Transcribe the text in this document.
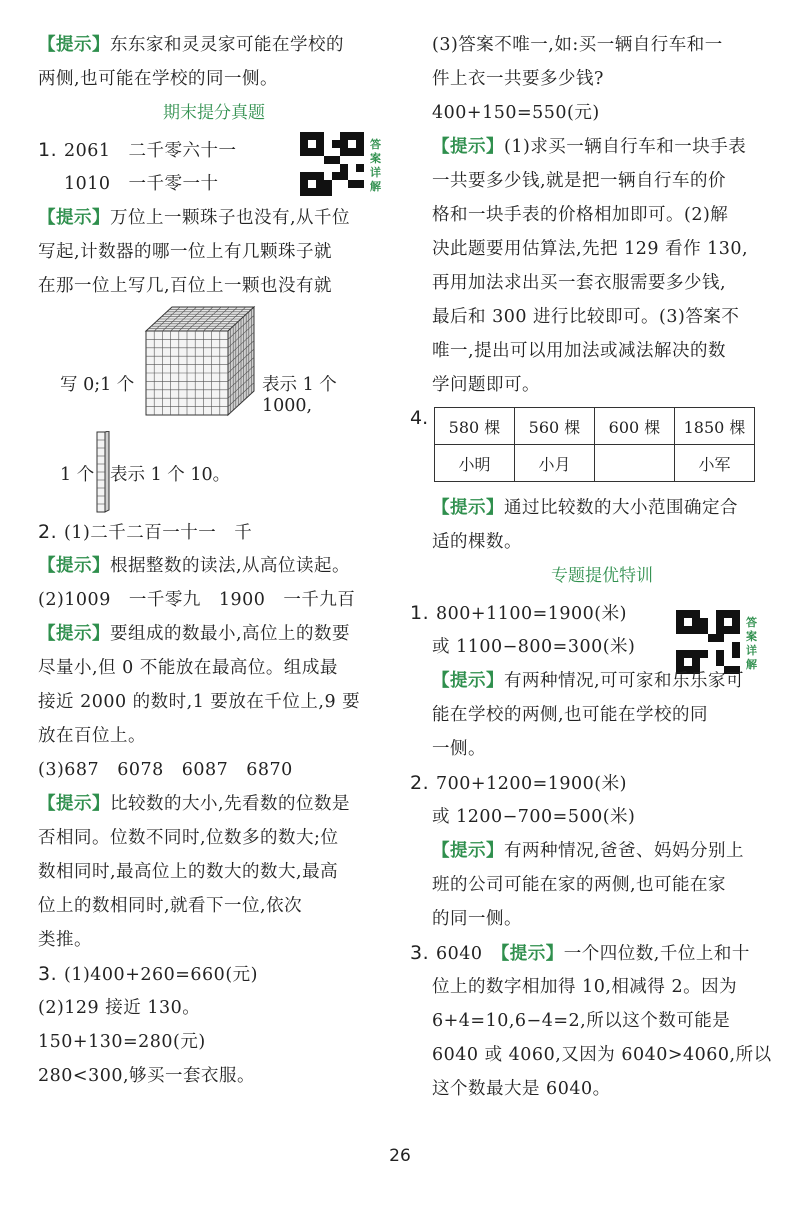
【提示】东东家和灵灵家可能在学校的
两侧,也可能在学校的同一侧。
期末提分真题
1. 2061　二千零六十一
1010　一千零一十
【提示】万位上一颗珠子也没有,从千位
写起,计数器的哪一位上有几颗珠子就
在那一位上写几,百位上一颗也没有就
写 0;1 个	表示 1 个 1000,
1 个 表示 1 个 10。
2. (1)二千二百一十一　千
【提示】根据整数的读法,从高位读起。
(2)1009　一千零九　1900　一千九百
【提示】要组成的数最小,高位上的数要
尽量小,但 0 不能放在最高位。组成最
接近 2000 的数时,1 要放在千位上,9 要
放在百位上。
(3)687　6078　6087　6870
【提示】比较数的大小,先看数的位数是
否相同。位数不同时,位数多的数大;位
数相同时,最高位上的数大的数大,最高
位上的数相同时,就看下一位,依次
类推。
3. (1)400+260=660(元)
(2)129 接近 130。
150+130=280(元)
280<300,够买一套衣服。
答案详解
答案详解
(3)答案不唯一,如:买一辆自行车和一
件上衣一共要多少钱?
400+150=550(元)
【提示】(1)求买一辆自行车和一块手表
一共要多少钱,就是把一辆自行车的价
格和一块手表的价格相加即可。(2)解
决此题要用估算法,先把 129 看作 130,
再用加法求出买一套衣服需要多少钱,
最后和 300 进行比较即可。(3)答案不
唯一,提出可以用加法或减法解决的数
学问题即可。
4.	580 棵	560 棵	600 棵	1850 棵
小明	小月		小军
【提示】通过比较数的大小范围确定合
适的棵数。
专题提优特训
1. 800+1100=1900(米)
或 1100−800=300(米)
【提示】有两种情况,可可家和乐乐家可
能在学校的两侧,也可能在学校的同
一侧。
2. 700+1200=1900(米)
或 1200−700=500(米)
【提示】有两种情况,爸爸、妈妈分别上
班的公司可能在家的两侧,也可能在家
的同一侧。
3. 6040　 【提示】一个四位数,千位上和十
位上的数字相加得 10,相减得 2。因为
6+4=10,6−4=2,所以这个数可能是
6040 或 4060,又因为 6040>4060,所以
这个数最大是 6040。
26
